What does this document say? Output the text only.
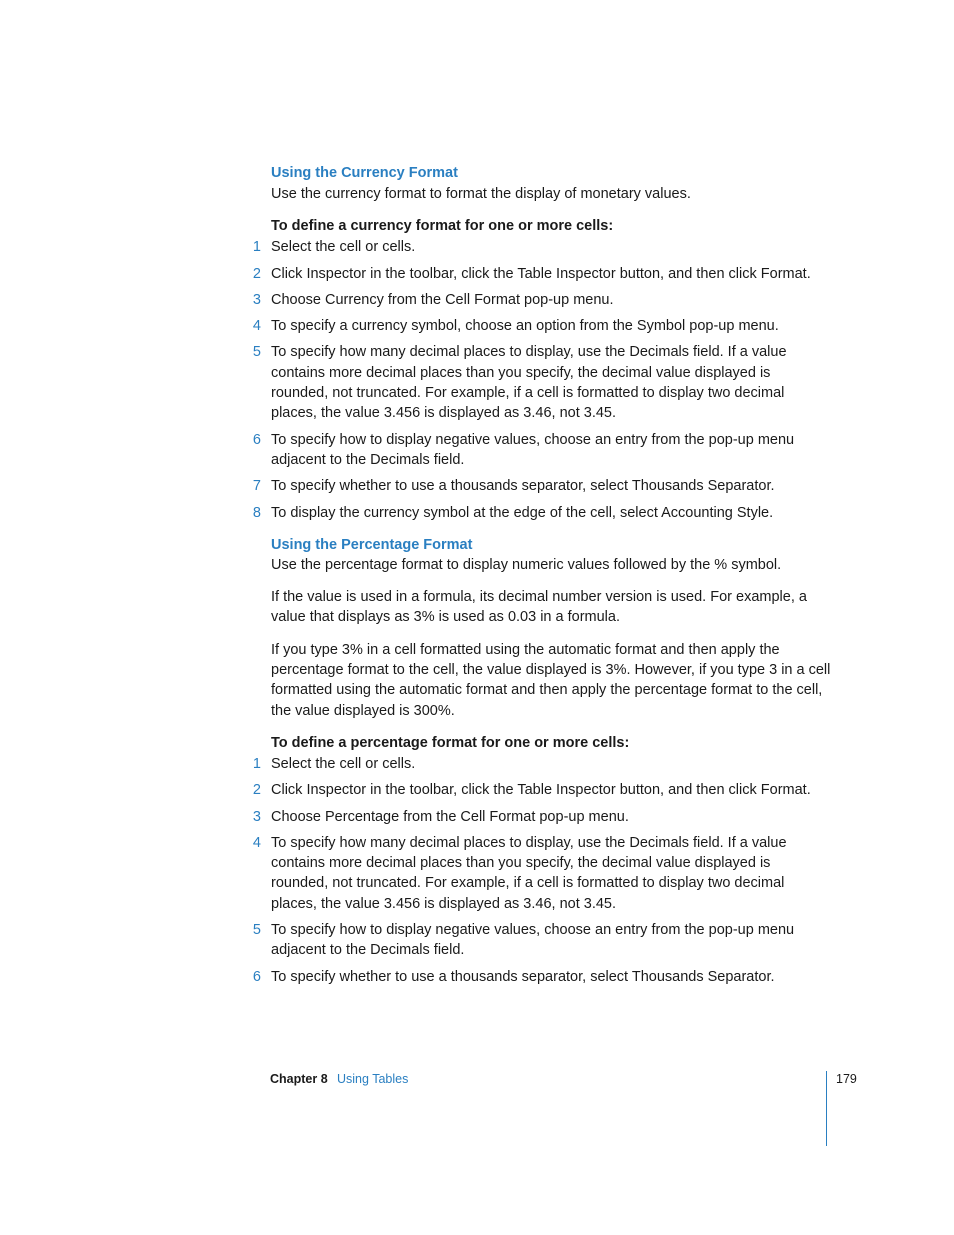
Using the Currency Format

Use the currency format to format the display of monetary values.

To define a currency format for one or more cells:

1 Select the cell or cells.
2 Click Inspector in the toolbar, click the Table Inspector button, and then click Format.
3 Choose Currency from the Cell Format pop-up menu.
4 To specify a currency symbol, choose an option from the Symbol pop-up menu.
5 To specify how many decimal places to display, use the Decimals field. If a value contains more decimal places than you specify, the decimal value displayed is rounded, not truncated. For example, if a cell is formatted to display two decimal places, the value 3.456 is displayed as 3.46, not 3.45.
6 To specify how to display negative values, choose an entry from the pop-up menu adjacent to the Decimals field.
7 To specify whether to use a thousands separator, select Thousands Separator.
8 To display the currency symbol at the edge of the cell, select Accounting Style.

Using the Percentage Format

Use the percentage format to display numeric values followed by the % symbol.

If the value is used in a formula, its decimal number version is used. For example, a value that displays as 3% is used as 0.03 in a formula.

If you type 3% in a cell formatted using the automatic format and then apply the percentage format to the cell, the value displayed is 3%. However, if you type 3 in a cell formatted using the automatic format and then apply the percentage format to the cell, the value displayed is 300%.

To define a percentage format for one or more cells:

1 Select the cell or cells.
2 Click Inspector in the toolbar, click the Table Inspector button, and then click Format.
3 Choose Percentage from the Cell Format pop-up menu.
4 To specify how many decimal places to display, use the Decimals field. If a value contains more decimal places than you specify, the decimal value displayed is rounded, not truncated. For example, if a cell is formatted to display two decimal places, the value 3.456 is displayed as 3.46, not 3.45.
5 To specify how to display negative values, choose an entry from the pop-up menu adjacent to the Decimals field.
6 To specify whether to use a thousands separator, select Thousands Separator.
Chapter 8 Using Tables	179
